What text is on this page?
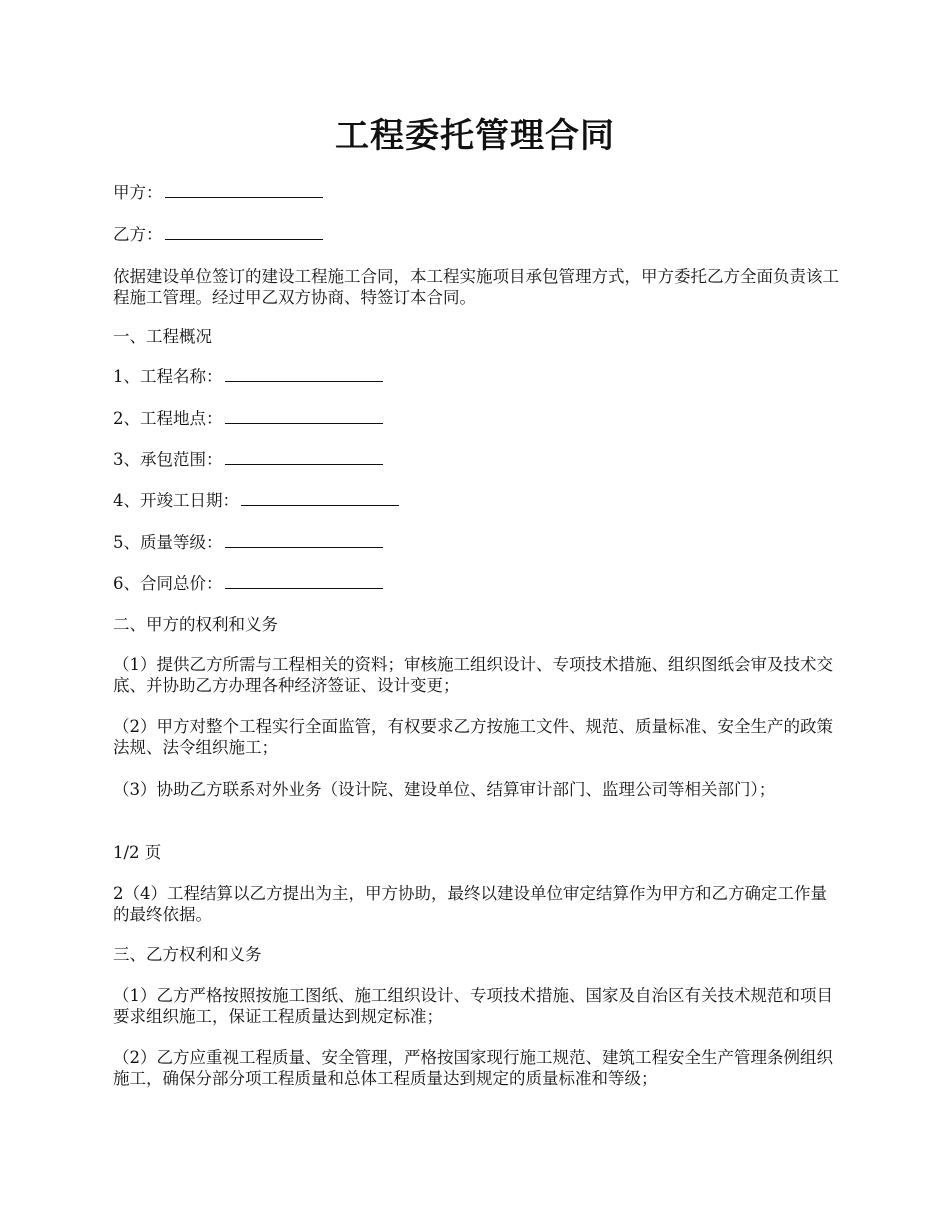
工程委托管理合同

甲方：

乙方：

依据建设单位签订的建设工程施工合同，本工程实施项目承包管理方式，甲方委托乙方全面负责该工程施工管理。经过甲乙双方协商、特签订本合同。

一、工程概况

1、工程名称：

2、工程地点：

3、承包范围：

4、开竣工日期：

5、质量等级：

6、合同总价：

二、甲方的权利和义务

（1）提供乙方所需与工程相关的资料；审核施工组织设计、专项技术措施、组织图纸会审及技术交底、并协助乙方办理各种经济签证、设计变更；

（2）甲方对整个工程实行全面监管，有权要求乙方按施工文件、规范、质量标准、安全生产的政策法规、法令组织施工；

（3）协助乙方联系对外业务（设计院、建设单位、结算审计部门、监理公司等相关部门）；

1/2 页

2（4）工程结算以乙方提出为主，甲方协助，最终以建设单位审定结算作为甲方和乙方确定工作量的最终依据。

三、乙方权利和义务

（1）乙方严格按照按施工图纸、施工组织设计、专项技术措施、国家及自治区有关技术规范和项目要求组织施工，保证工程质量达到规定标准；

（2）乙方应重视工程质量、安全管理，严格按国家现行施工规范、建筑工程安全生产管理条例组织施工，确保分部分项工程质量和总体工程质量达到规定的质量标准和等级；
